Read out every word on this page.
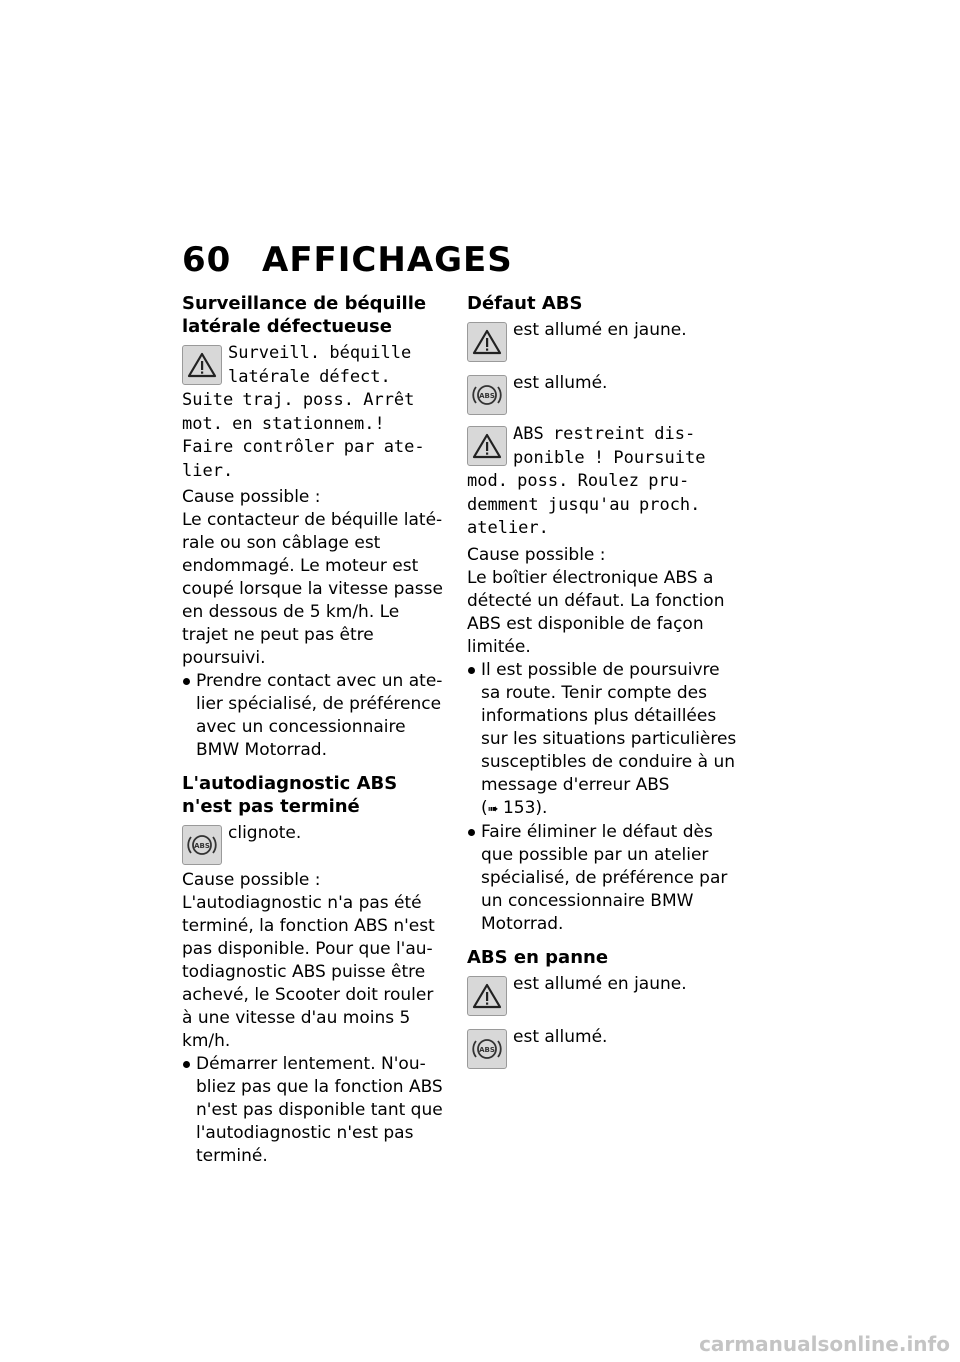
60 AFFICHAGES
Surveillance de béquille latérale défectueuse
Surveill. béquille latérale défect. Suite traj. poss. Arrêt mot. en stationnem.! Faire contrôler par atelier.

Cause possible :

Le contacteur de béquille latérale ou son câblage est endommagé. Le moteur est coupé lorsque la vitesse passe en dessous de 5 km/h. Le trajet ne peut pas être poursuivi.

Prendre contact avec un atelier spécialisé, de préférence avec un concessionnaire BMW Motorrad.
L'autodiagnostic ABS n'est pas terminé
ABS
clignote.

Cause possible :

L'autodiagnostic n'a pas été terminé, la fonction ABS n'est pas disponible. Pour que l'autodiagnostic ABS puisse être achevé, le Scooter doit rouler à une vitesse d'au moins 5 km/h.

Démarrer lentement. N'oubliez pas que la fonction ABS n'est pas disponible tant que l'autodiagnostic n'est pas terminé.
Défaut ABS
est allumé en jaune.
ABS
est allumé.
ABS restreint disponible ! Poursuite mod. poss. Roulez prudemment jusqu'au proch. atelier.

Cause possible :

Le boîtier électronique ABS a détecté un défaut. La fonction ABS est disponible de façon limitée.

Il est possible de poursuivre sa route. Tenir compte des informations plus détaillées sur les situations particulières susceptibles de conduire à un message d'erreur ABS
(➠ 153).
Faire éliminer le défaut dès que possible par un atelier spécialisé, de préférence par un concessionnaire BMW Motorrad.
ABS en panne
est allumé en jaune.
ABS
est allumé.
carmanualsonline.info
